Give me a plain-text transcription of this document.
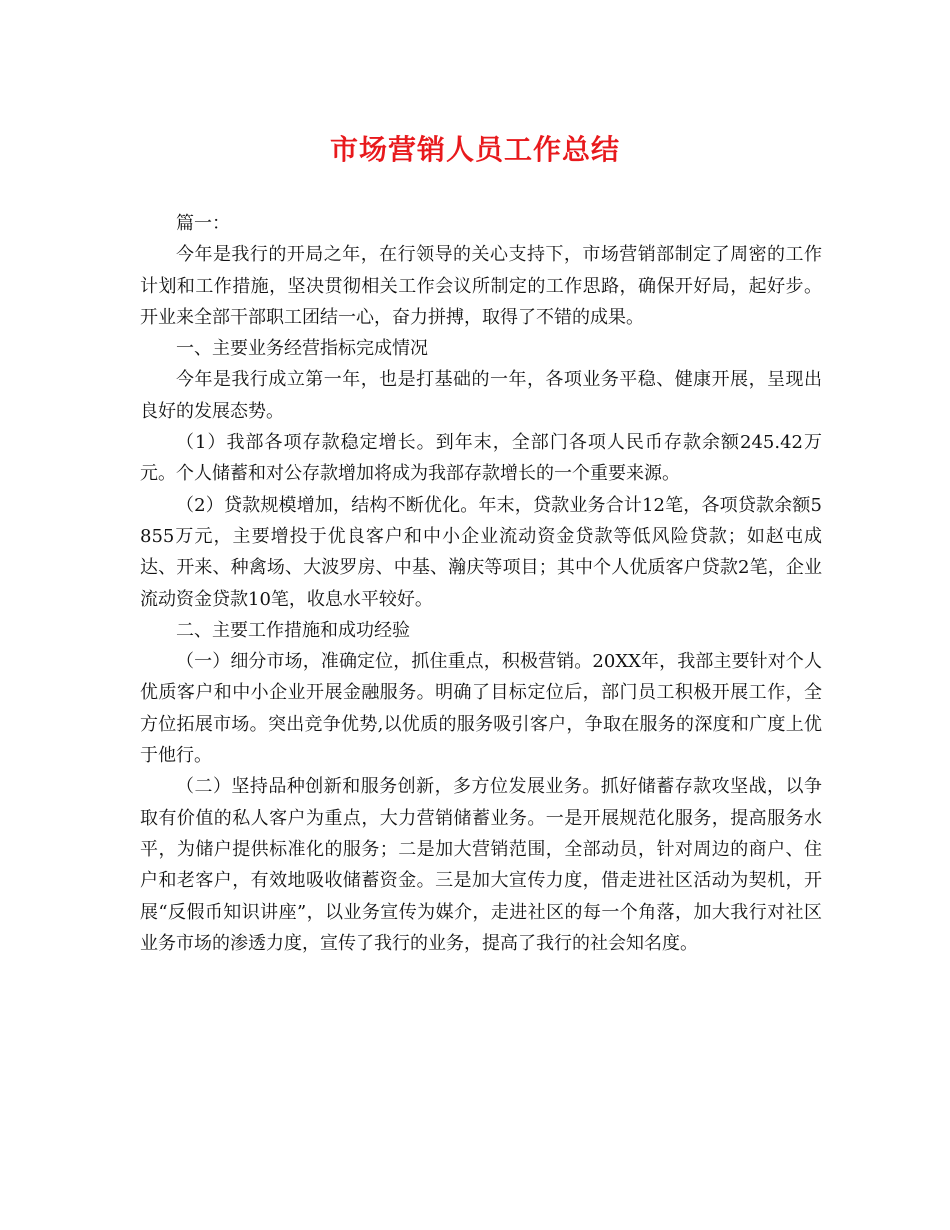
市场营销人员工作总结

篇一：

今年是我行的开局之年，在行领导的关心支持下，市场营销部制定了周密的工作计划和工作措施，坚决贯彻相关工作会议所制定的工作思路，确保开好局，起好步。开业来全部干部职工团结一心，奋力拼搏，取得了不错的成果。

一、主要业务经营指标完成情况

今年是我行成立第一年，也是打基础的一年，各项业务平稳、健康开展，呈现出良好的发展态势。

（1）我部各项存款稳定增长。到年末，全部门各项人民币存款余额245.42万元。个人储蓄和对公存款增加将成为我部存款增长的一个重要来源。

（2）贷款规模增加，结构不断优化。年末，贷款业务合计12笔，各项贷款余额5855万元，主要增投于优良客户和中小企业流动资金贷款等低风险贷款；如赵屯成达、开来、种禽场、大波罗房、中基、瀚庆等项目；其中个人优质客户贷款2笔，企业流动资金贷款10笔，收息水平较好。

二、主要工作措施和成功经验

（一）细分市场，准确定位，抓住重点，积极营销。20XX年，我部主要针对个人优质客户和中小企业开展金融服务。明确了目标定位后，部门员工积极开展工作，全方位拓展市场。突出竞争优势,以优质的服务吸引客户，争取在服务的深度和广度上优于他行。

（二）坚持品种创新和服务创新，多方位发展业务。抓好储蓄存款攻坚战，以争取有价值的私人客户为重点，大力营销储蓄业务。一是开展规范化服务，提高服务水平，为储户提供标准化的服务；二是加大营销范围，全部动员，针对周边的商户、住户和老客户，有效地吸收储蓄资金。三是加大宣传力度，借走进社区活动为契机，开展“反假币知识讲座”，以业务宣传为媒介，走进社区的每一个角落，加大我行对社区业务市场的渗透力度，宣传了我行的业务，提高了我行的社会知名度。
